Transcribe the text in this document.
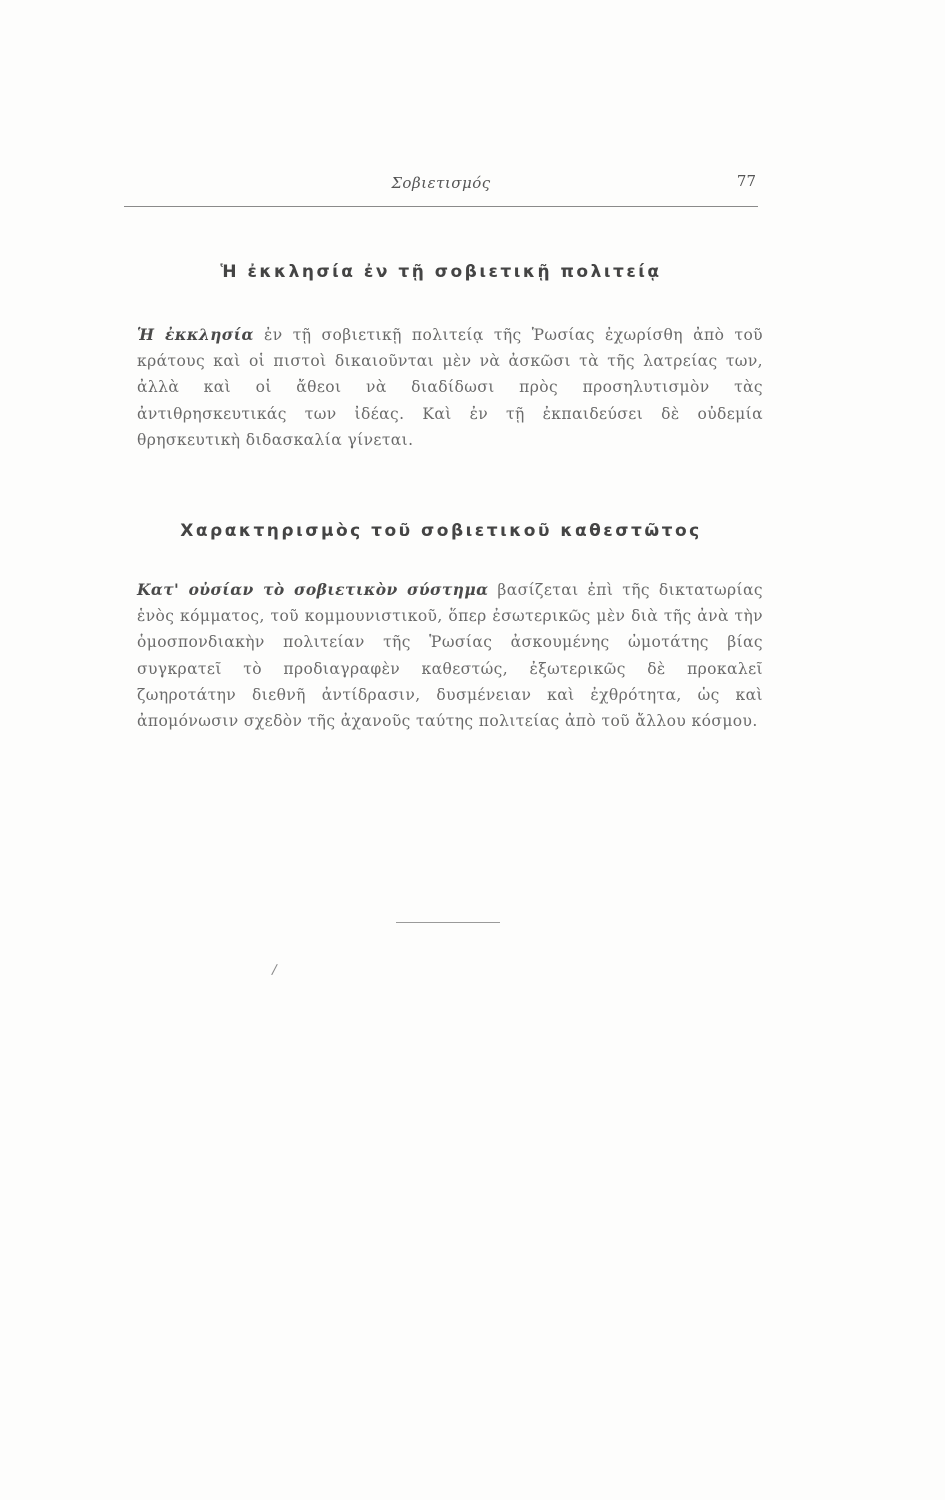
Σοβιετισμός	77
Ἡ ἐκκλησία ἐν τῇ σοβιετικῇ πολιτείᾳ

Ἡ ἐκκλησία ἐν τῇ σοβιετικῇ πολιτείᾳ τῆς Ῥωσίας ἐχωρίσθη ἀπὸ τοῦ κράτους καὶ οἱ πιστοὶ δικαιοῦνται μὲν νὰ ἀσκῶσι τὰ τῆς λατρείας των, ἀλλὰ καὶ οἱ ἄθεοι νὰ διαδίδωσι πρὸς προσηλυτισμὸν τὰς ἀντιθρησκευτικάς των ἰδέας. Καὶ ἐν τῇ ἐκπαιδεύσει δὲ οὐδεμία θρησκευτικὴ διδασκαλία γίνεται.

Χαρακτηρισμὸς τοῦ σοβιετικοῦ καθεστῶτος

Κατ' οὐσίαν τὸ σοβιετικὸν σύστημα βασίζεται ἐπὶ τῆς δικτατωρίας ἑνὸς κόμματος, τοῦ κομμουνιστικοῦ, ὅπερ ἐσωτερικῶς μὲν διὰ τῆς ἀνὰ τὴν ὁμοσπονδιακὴν πολιτείαν τῆς Ῥωσίας ἀσκουμένης ὠμοτάτης βίας συγκρατεῖ τὸ προδιαγραφὲν καθεστώς, ἐξωτερικῶς δὲ προκαλεῖ ζωηροτάτην διεθνῆ ἀντίδρασιν, δυσμένειαν καὶ ἐχθρότητα, ὡς καὶ ἀπομόνωσιν σχεδὸν τῆς ἀχανοῦς ταύτης πολιτείας ἀπὸ τοῦ ἄλλου κόσμου.

/
